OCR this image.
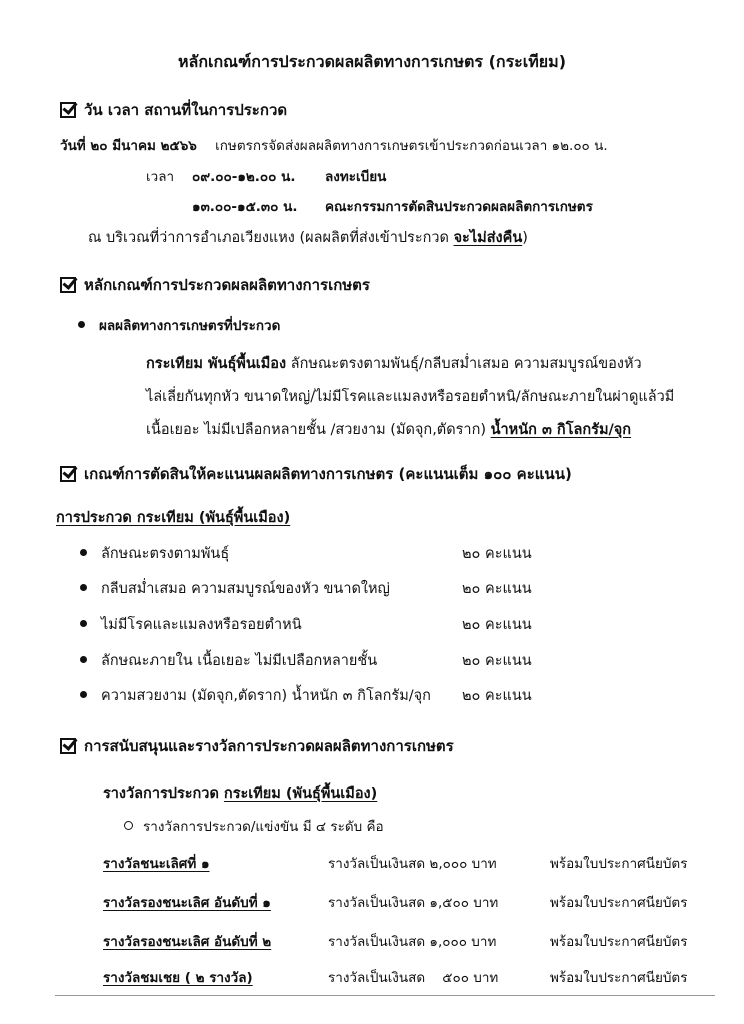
หลักเกณฑ์การประกวดผลผลิตทางการเกษตร (กระเทียม)
วัน เวลา สถานที่ในการประกวด
วันที่ ๒๐ มีนาคม ๒๕๖๖ เกษตรกรจัดส่งผลผลิตทางการเกษตรเข้าประกวดก่อนเวลา ๑๒.๐๐ น.
เวลา ๐๙.๐๐-๑๒.๐๐ น. ลงทะเบียน
๑๓.๐๐-๑๕.๓๐ น. คณะกรรมการตัดสินประกวดผลผลิตการเกษตร
ณ บริเวณที่ว่าการอำเภอเวียงแหง (ผลผลิตที่ส่งเข้าประกวด จะไม่ส่งคืน)
หลักเกณฑ์การประกวดผลผลิตทางการเกษตร
ผลผลิตทางการเกษตรที่ประกวด
กระเทียม พันธุ์พื้นเมือง ลักษณะตรงตามพันธุ์/กลีบสม่ำเสมอ ความสมบูรณ์ของหัว
ไล่เลี่ยกันทุกหัว ขนาดใหญ่/ไม่มีโรคและแมลงหรือรอยตำหนิ/ลักษณะภายในผ่าดูแล้วมี
เนื้อเยอะ ไม่มีเปลือกหลายชั้น /สวยงาม (มัดจุก,ตัดราก) น้ำหนัก ๓ กิโลกรัม/จุก
เกณฑ์การตัดสินให้คะแนนผลผลิตทางการเกษตร (คะแนนเต็ม ๑๐๐ คะแนน)
การประกวด กระเทียม (พันธุ์พื้นเมือง)
ลักษณะตรงตามพันธุ์	๒๐ คะแนน
กลีบสม่ำเสมอ ความสมบูรณ์ของหัว ขนาดใหญ่	๒๐ คะแนน
ไม่มีโรคและแมลงหรือรอยตำหนิ	๒๐ คะแนน
ลักษณะภายใน เนื้อเยอะ ไม่มีเปลือกหลายชั้น	๒๐ คะแนน
ความสวยงาม (มัดจุก,ตัดราก) น้ำหนัก ๓ กิโลกรัม/จุก ๒๐ คะแนน
การสนับสนุนและรางวัลการประกวดผลผลิตทางการเกษตร
รางวัลการประกวด กระเทียม (พันธุ์พื้นเมือง)
รางวัลการประกวด/แข่งขัน มี ๔ ระดับ คือ
รางวัลชนะเลิศที่ ๑	รางวัลเป็นเงินสด ๒,๐๐๐ บาท	พร้อมใบประกาศนียบัตร
รางวัลรองชนะเลิศ อันดับที่ ๑	รางวัลเป็นเงินสด ๑,๕๐๐ บาท	พร้อมใบประกาศนียบัตร
รางวัลรองชนะเลิศ อันดับที่ ๒	รางวัลเป็นเงินสด ๑,๐๐๐ บาท	พร้อมใบประกาศนียบัตร
รางวัลชมเชย ( ๒ รางวัล)	รางวัลเป็นเงินสด    ๕๐๐ บาท	พร้อมใบประกาศนียบัตร
